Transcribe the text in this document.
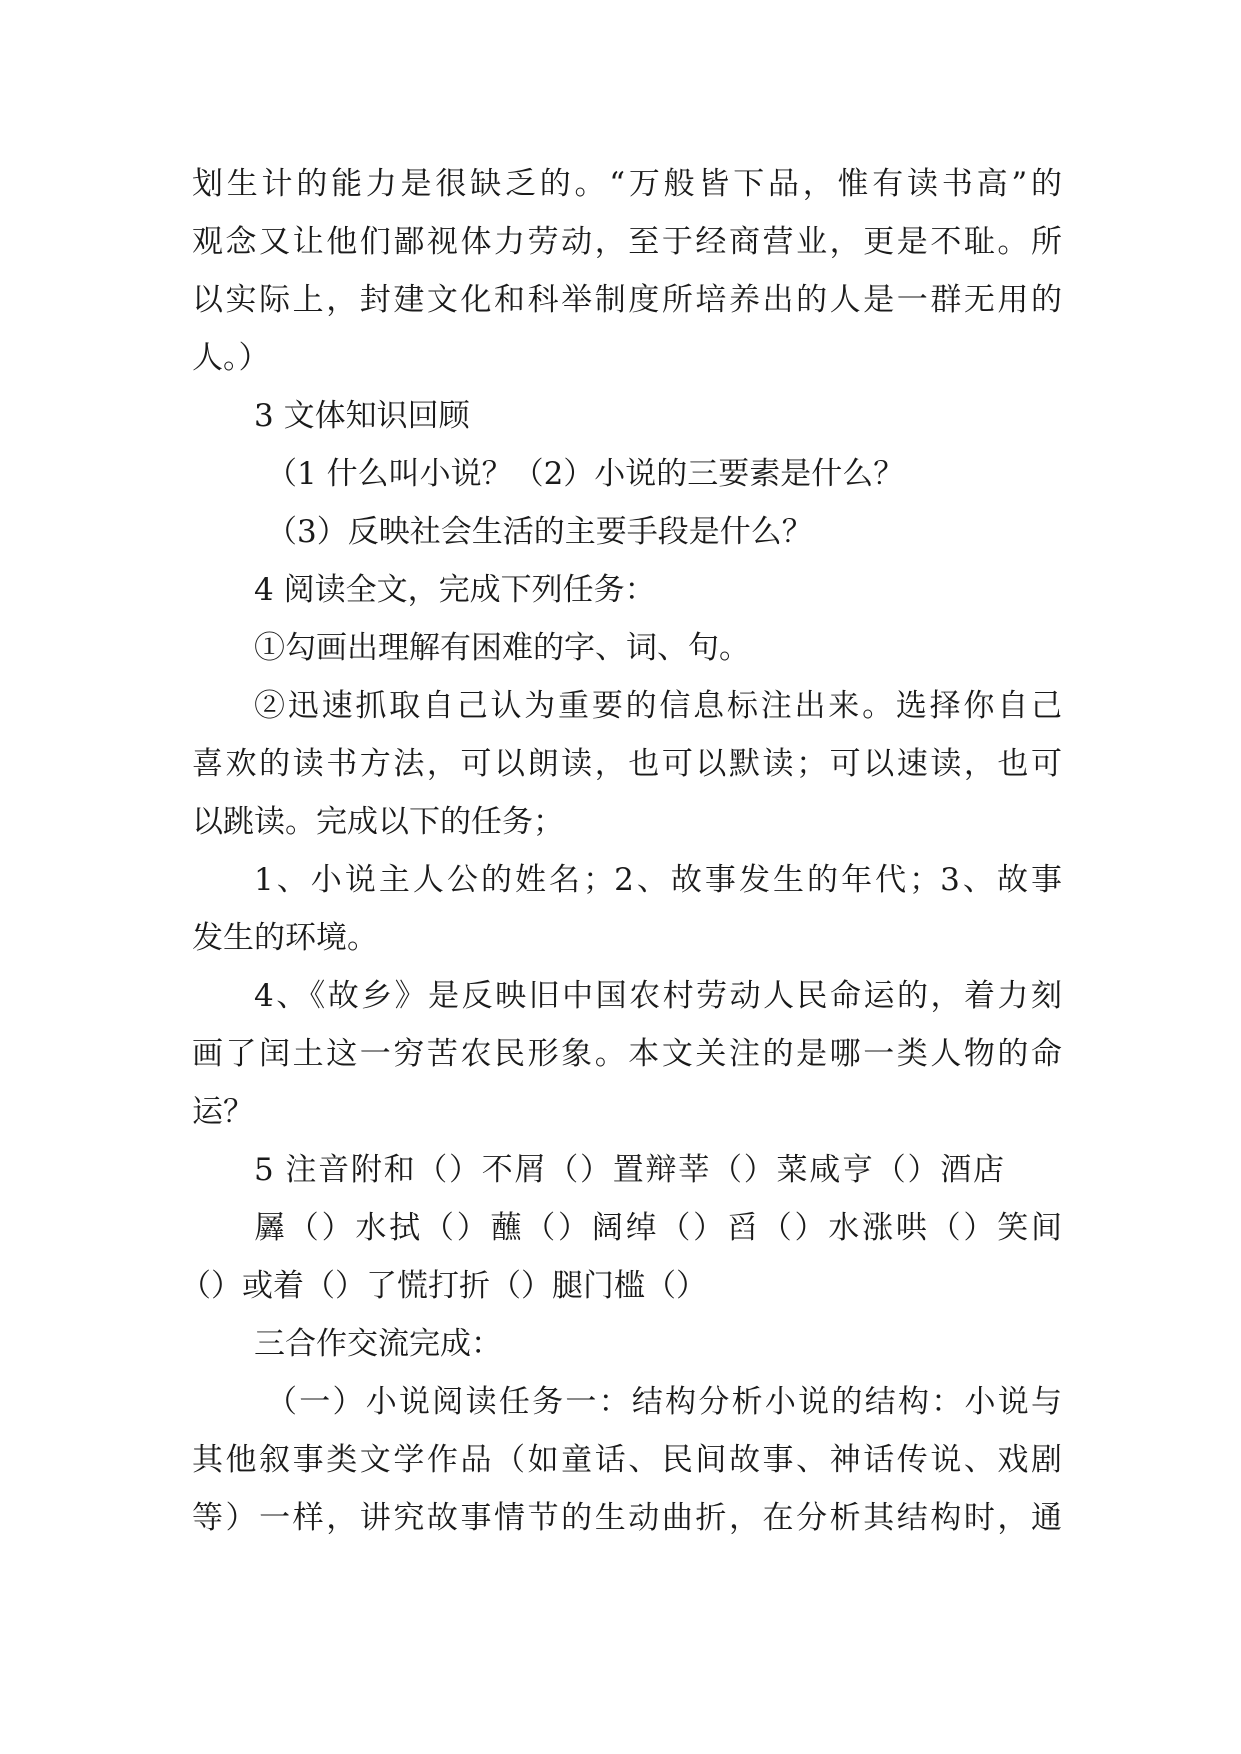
划生计的能力是很缺乏的。“万般皆下品，惟有读书高”的
观念又让他们鄙视体力劳动，至于经商营业，更是不耻。所
以实际上，封建文化和科举制度所培养出的人是一群无用的
人。）
3 文体知识回顾
（1 什么叫小说？（2）小说的三要素是什么？
（3）反映社会生活的主要手段是什么？
4 阅读全文，完成下列任务：
①勾画出理解有困难的字、词、句。
②迅速抓取自己认为重要的信息标注出来。选择你自己
喜欢的读书方法，可以朗读，也可以默读；可以速读，也可
以跳读。完成以下的任务；
1、小说主人公的姓名；2、故事发生的年代；3、故事
发生的环境。
4、《故乡》是反映旧中国农村劳动人民命运的，着力刻
画了闰土这一穷苦农民形象。本文关注的是哪一类人物的命
运？
5 注音附和（）不屑（）置辩莘（）菜咸亨（）酒店
羼（）水拭（）蘸（）阔绰（）舀（）水涨哄（）笑间
（）或着（）了慌打折（）腿门槛（）
三合作交流完成：
（一）小说阅读任务一：结构分析小说的结构：小说与
其他叙事类文学作品（如童话、民间故事、神话传说、戏剧
等）一样，讲究故事情节的生动曲折，在分析其结构时，通
